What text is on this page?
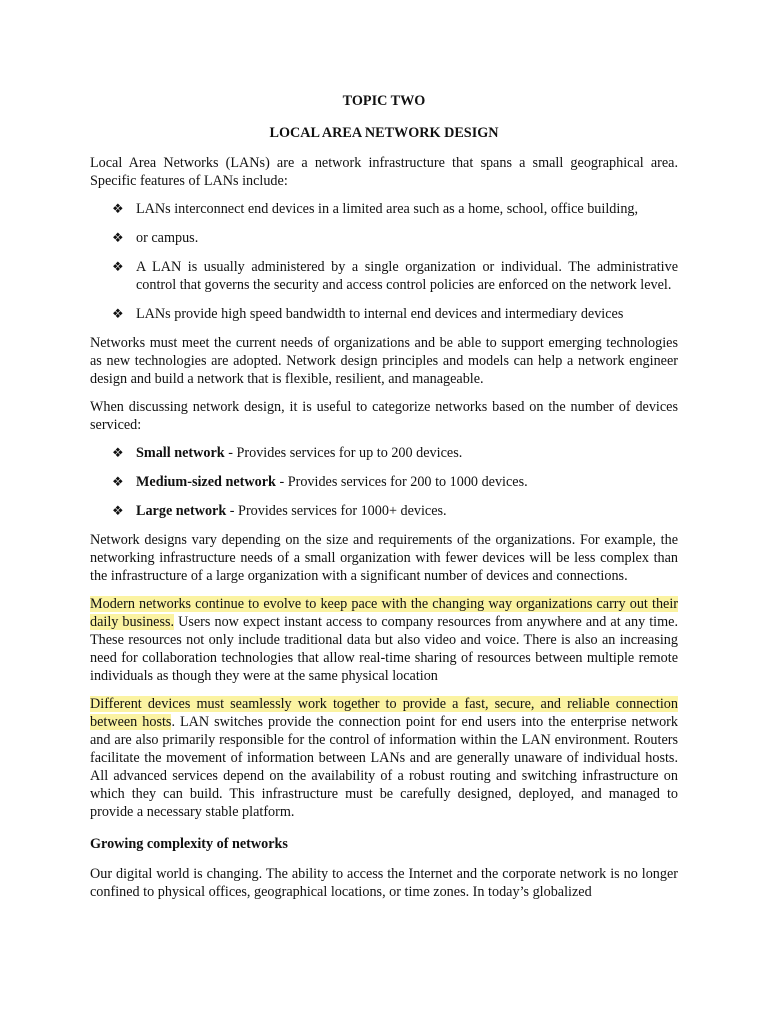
TOPIC TWO
LOCAL AREA NETWORK DESIGN

Local Area Networks (LANs) are a network infrastructure that spans a small geographical area. Specific features of LANs include:

❖ LANs interconnect end devices in a limited area such as a home, school, office building,
❖ or campus.
❖ A LAN is usually administered by a single organization or individual. The administrative control that governs the security and access control policies are enforced on the network level.
❖ LANs provide high speed bandwidth to internal end devices and intermediary devices

Networks must meet the current needs of organizations and be able to support emerging technologies as new technologies are adopted. Network design principles and models can help a network engineer design and build a network that is flexible, resilient, and manageable.

When discussing network design, it is useful to categorize networks based on the number of devices serviced:

❖ Small network - Provides services for up to 200 devices.
❖ Medium-sized network - Provides services for 200 to 1000 devices.
❖ Large network - Provides services for 1000+ devices.

Network designs vary depending on the size and requirements of the organizations. For example, the networking infrastructure needs of a small organization with fewer devices will be less complex than the infrastructure of a large organization with a significant number of devices and connections.

Modern networks continue to evolve to keep pace with the changing way organizations carry out their daily business. Users now expect instant access to company resources from anywhere and at any time. These resources not only include traditional data but also video and voice. There is also an increasing need for collaboration technologies that allow real-time sharing of resources between multiple remote individuals as though they were at the same physical location

Different devices must seamlessly work together to provide a fast, secure, and reliable connection between hosts. LAN switches provide the connection point for end users into the enterprise network and are also primarily responsible for the control of information within the LAN environment. Routers facilitate the movement of information between LANs and are generally unaware of individual hosts. All advanced services depend on the availability of a robust routing and switching infrastructure on which they can build. This infrastructure must be carefully designed, deployed, and managed to provide a necessary stable platform.

Growing complexity of networks

Our digital world is changing. The ability to access the Internet and the corporate network is no longer confined to physical offices, geographical locations, or time zones. In today’s globalized
